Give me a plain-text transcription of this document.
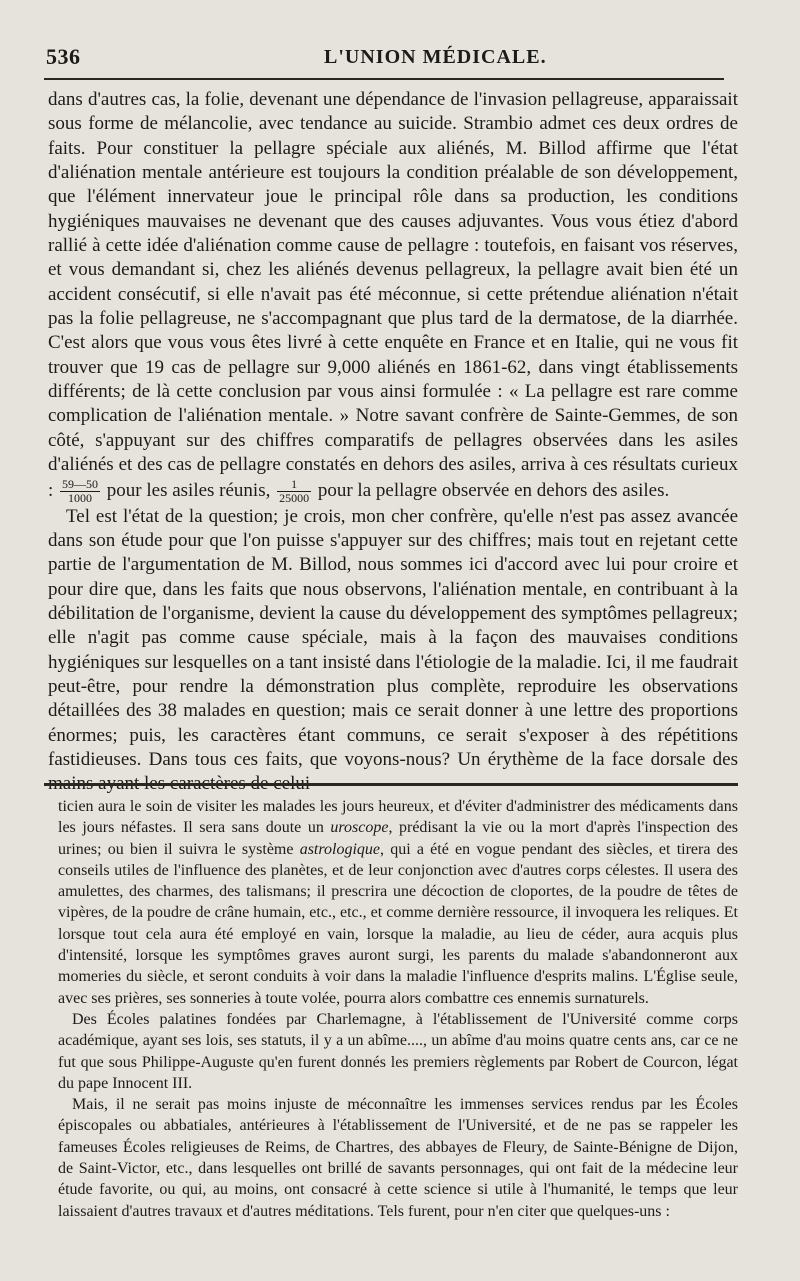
536	L'UNION MÉDICALE.

dans d'autres cas, la folie, devenant une dépendance de l'invasion pellagreuse, apparaissait sous forme de mélancolie, avec tendance au suicide. Strambio admet ces deux ordres de faits. Pour constituer la pellagre spéciale aux aliénés, M. Billod affirme que l'état d'aliénation mentale antérieure est toujours la condition préalable de son développement, que l'élément innervateur joue le principal rôle dans sa production, les conditions hygiéniques mauvaises ne devenant que des causes adjuvantes. Vous vous étiez d'abord rallié à cette idée d'aliénation comme cause de pellagre : toutefois, en faisant vos réserves, et vous demandant si, chez les aliénés devenus pellagreux, la pellagre avait bien été un accident consécutif, si elle n'avait pas été méconnue, si cette prétendue aliénation n'était pas la folie pellagreuse, ne s'accompagnant que plus tard de la dermatose, de la diarrhée. C'est alors que vous vous êtes livré à cette enquête en France et en Italie, qui ne vous fit trouver que 19 cas de pellagre sur 9,000 aliénés en 1861-62, dans vingt établissements différents; de là cette conclusion par vous ainsi formulée : « La pellagre est rare comme complication de l'aliénation mentale. » Notre savant confrère de Sainte-Gemmes, de son côté, s'appuyant sur des chiffres comparatifs de pellagres observées dans les asiles d'aliénés et des cas de pellagre constatés en dehors des asiles, arriva à ces résultats curieux : $\frac{59—50}{1000}$ pour les asiles réunis, $\frac{1}{25000}$ pour la pellagre observée en dehors des asiles.

Tel est l'état de la question; je crois, mon cher confrère, qu'elle n'est pas assez avancée dans son étude pour que l'on puisse s'appuyer sur des chiffres; mais tout en rejetant cette partie de l'argumentation de M. Billod, nous sommes ici d'accord avec lui pour croire et pour dire que, dans les faits que nous observons, l'aliénation mentale, en contribuant à la débilitation de l'organisme, devient la cause du développement des symptômes pellagreux; elle n'agit pas comme cause spéciale, mais à la façon des mauvaises conditions hygiéniques sur lesquelles on a tant insisté dans l'étiologie de la maladie. Ici, il me faudrait peut-être, pour rendre la démonstration plus complète, reproduire les observations détaillées des 38 malades en question; mais ce serait donner à une lettre des proportions énormes; puis, les caractères étant communs, ce serait s'exposer à des répétitions fastidieuses. Dans tous ces faits, que voyons-nous? Un érythème de la face dorsale des mains ayant les caractères de celui

ticien aura le soin de visiter les malades les jours heureux, et d'éviter d'administrer des médicaments dans les jours néfastes. Il sera sans doute un uroscope, prédisant la vie ou la mort d'après l'inspection des urines; ou bien il suivra le système astrologique, qui a été en vogue pendant des siècles, et tirera des conseils utiles de l'influence des planètes, et de leur conjonction avec d'autres corps célestes. Il usera des amulettes, des charmes, des talismans; il prescrira une décoction de cloportes, de la poudre de têtes de vipères, de la poudre de crâne humain, etc., etc., et comme dernière ressource, il invoquera les reliques. Et lorsque tout cela aura été employé en vain, lorsque la maladie, au lieu de céder, aura acquis plus d'intensité, lorsque les symptômes graves auront surgi, les parents du malade s'abandonneront aux momeries du siècle, et seront conduits à voir dans la maladie l'influence d'esprits malins. L'Église seule, avec ses prières, ses sonneries à toute volée, pourra alors combattre ces ennemis surnaturels.

Des Écoles palatines fondées par Charlemagne, à l'établissement de l'Université comme corps académique, ayant ses lois, ses statuts, il y a un abîme...., un abîme d'au moins quatre cents ans, car ce ne fut que sous Philippe-Auguste qu'en furent donnés les premiers règlements par Robert de Courcon, légat du pape Innocent III.

Mais, il ne serait pas moins injuste de méconnaître les immenses services rendus par les Écoles épiscopales ou abbatiales, antérieures à l'établissement de l'Université, et de ne pas se rappeler les fameuses Écoles religieuses de Reims, de Chartres, des abbayes de Fleury, de Sainte-Bénigne de Dijon, de Saint-Victor, etc., dans lesquelles ont brillé de savants personnages, qui ont fait de la médecine leur étude favorite, ou qui, au moins, ont consacré à cette science si utile à l'humanité, le temps que leur laissaient d'autres travaux et d'autres méditations. Tels furent, pour n'en citer que quelques-uns :
